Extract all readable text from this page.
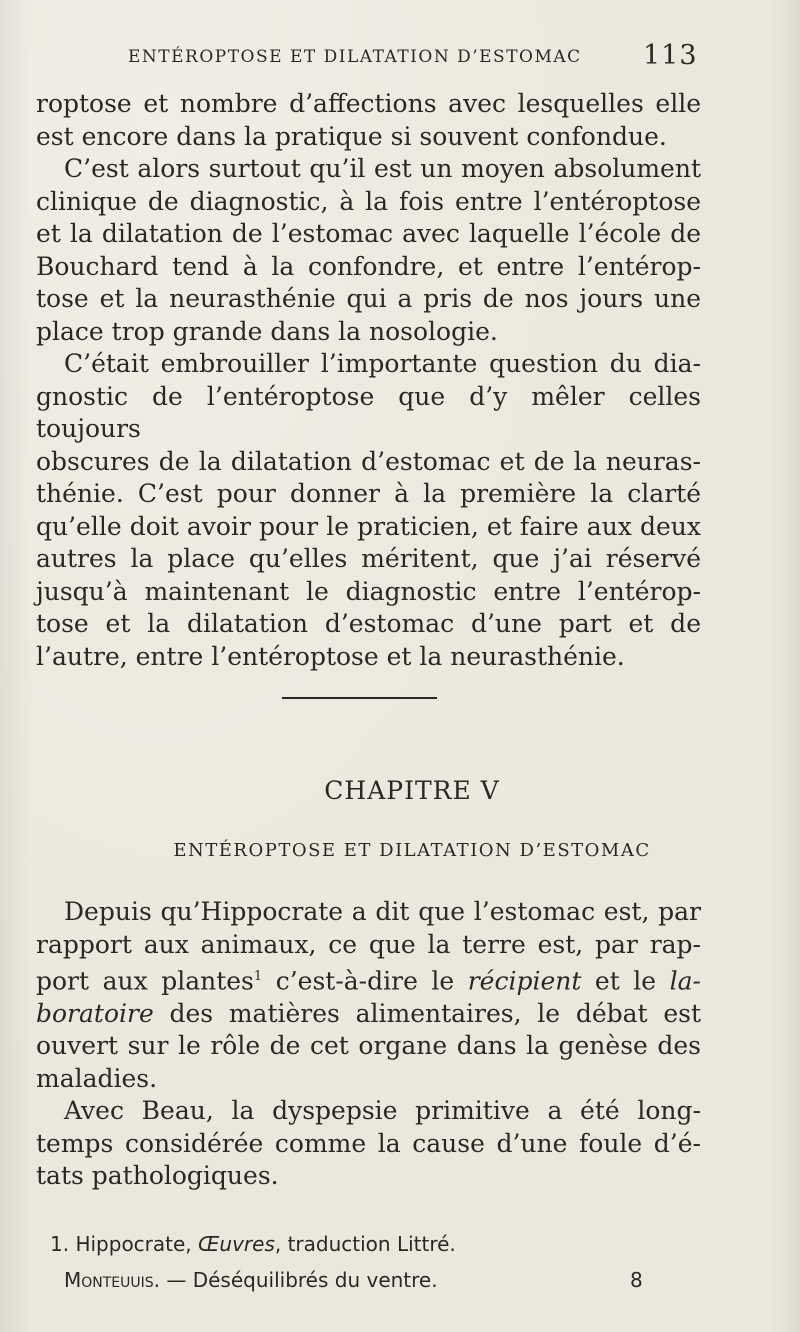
ENTÉROPTOSE ET DILATATION D’ESTOMAC 113

roptose et nombre d’affections avec lesquelles elle

est encore dans la pratique si souvent confondue.

C’est alors surtout qu’il est un moyen absolument

clinique de diagnostic, à la fois entre l’entéroptose

et la dilatation de l’estomac avec laquelle l’école de

Bouchard tend à la confondre, et entre l’entérop-

tose et la neurasthénie qui a pris de nos jours une

place trop grande dans la nosologie.

C’était embrouiller l’importante question du dia-

gnostic de l’entéroptose que d’y mêler celles toujours

obscures de la dilatation d’estomac et de la neuras-

thénie. C’est pour donner à la première la clarté

qu’elle doit avoir pour le praticien, et faire aux deux

autres la place qu’elles méritent, que j’ai réservé

jusqu’à maintenant le diagnostic entre l’entérop-

tose et la dilatation d’estomac d’une part et de

l’autre, entre l’entéroptose et la neurasthénie.

CHAPITRE V
ENTÉROPTOSE ET DILATATION D’ESTOMAC

Depuis qu’Hippocrate a dit que l’estomac est, par

rapport aux animaux, ce que la terre est, par rap-

port aux plantes$^1$ c’est-à-dire le récipient et le la-

boratoire des matières alimentaires, le débat est

ouvert sur le rôle de cet organe dans la genèse des

maladies.

Avec Beau, la dyspepsie primitive a été long-

temps considérée comme la cause d’une foule d’é-

tats pathologiques.

1. Hippocrate, Œuvres, traduction Littré.
Monteuuis. — Déséquilibrés du ventre.	8
